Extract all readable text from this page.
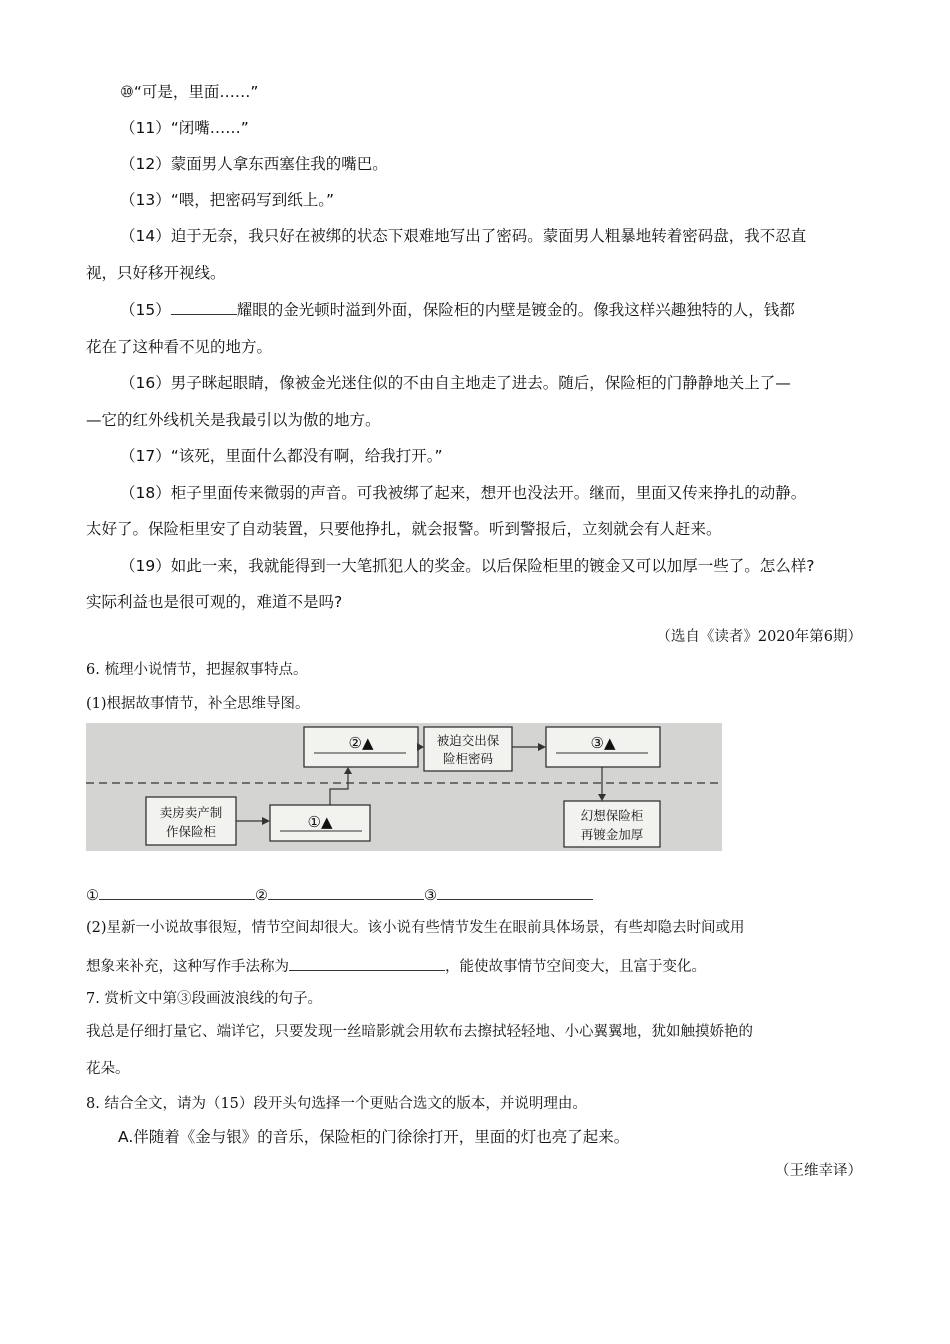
⑩“可是，里面……”
（11）“闭嘴……”
（12）蒙面男人拿东西塞住我的嘴巴。
（13）“喂，把密码写到纸上。”
（14）迫于无奈，我只好在被绑的状态下艰难地写出了密码。蒙面男人粗暴地转着密码盘，我不忍直
视，只好移开视线。
（15）	耀眼的金光顿时溢到外面，保险柜的内壁是镀金的。像我这样兴趣独特的人，钱都
花在了这种看不见的地方。
（16）男子眯起眼睛，像被金光迷住似的不由自主地走了进去。随后，保险柜的门静静地关上了—
—它的红外线机关是我最引以为傲的地方。
（17）“该死，里面什么都没有啊，给我打开。”
（18）柜子里面传来微弱的声音。可我被绑了起来，想开也没法开。继而，里面又传来挣扎的动静。
太好了。保险柜里安了自动装置，只要他挣扎，就会报警。听到警报后，立刻就会有人赶来。
（19）如此一来，我就能得到一大笔抓犯人的奖金。以后保险柜里的镀金又可以加厚一些了。怎么样?
实际利益也是很可观的，难道不是吗?
（选自《读者》2020年第6期）
6. 梳理小说情节，把握叙事特点。
(1)根据故事情节，补全思维导图。
②▲	被迫交出保
险柜密码
③▲
卖房卖产制
作保险柜
①▲	幻想保险柜
再镀金加厚
①	②	③
(2)星新一小说故事很短，情节空间却很大。该小说有些情节发生在眼前具体场景，有些却隐去时间或用
想象来补充，这种写作手法称为	，能使故事情节空间变大，且富于变化。
7. 赏析文中第③段画波浪线的句子。
我总是仔细打量它、端详它，只要发现一丝暗影就会用软布去擦拭轻轻地、小心翼翼地，犹如触摸娇艳的
花朵。
8. 结合全文，请为（15）段开头句选择一个更贴合选文的版本，并说明理由。
A.伴随着《金与银》的音乐，保险柜的门徐徐打开，里面的灯也亮了起来。
（王维幸译）
